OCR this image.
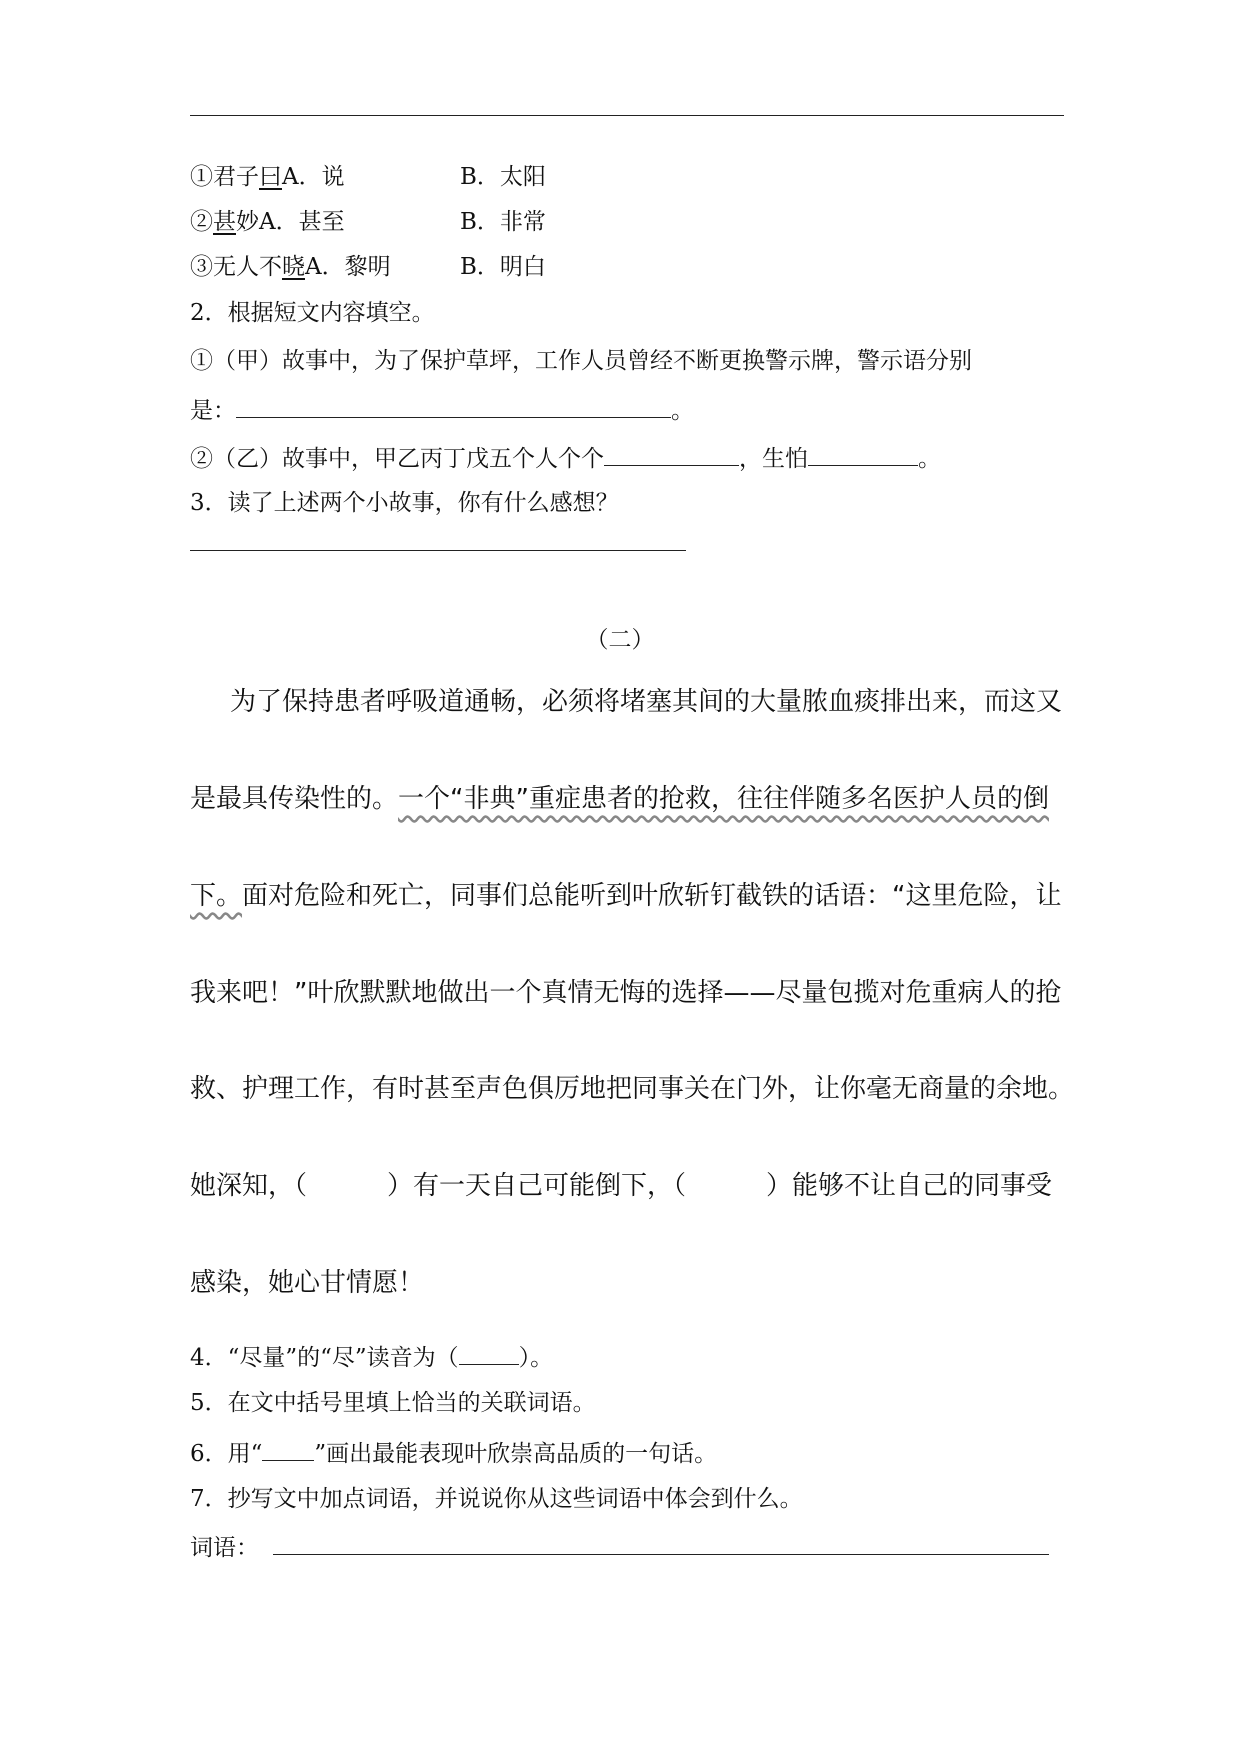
①君子曰A．说	B．太阳
②甚妙A．甚至	B．非常
③无人不晓A．黎明	B．明白
2．根据短文内容填空。
①（甲）故事中，为了保护草坪，工作人员曾经不断更换警示牌，警示语分别
是：	。
②（乙）故事中，甲乙丙丁戊五个人个个	，生怕	。
3．读了上述两个小故事，你有什么感想？
（二）
为了保持患者呼吸道通畅，必须将堵塞其间的大量脓血痰排出来，而这又
是最具传染性的。一个“非典”重症患者的抢救，往往伴随多名医护人员的倒
下。面对危险和死亡，同事们总能听到叶欣斩钉截铁的话语：“这里危险，让
我来吧！”叶欣默默地做出一个真情无悔的选择——尽量包揽对危重病人的抢
救、护理工作，有时甚至声色俱厉地把同事关在门外，让你毫无商量的余地。
她深知，（	）有一天自己可能倒下，（	）能够不让自己的同事受
感染，她心甘情愿！
4．“尽量”的“尽”读音为（	）。
5．在文中括号里填上恰当的关联词语。
6．用“ ”画出最能表现叶欣崇高品质的一句话。
7．抄写文中加点词语，并说说你从这些词语中体会到什么。
词语：
